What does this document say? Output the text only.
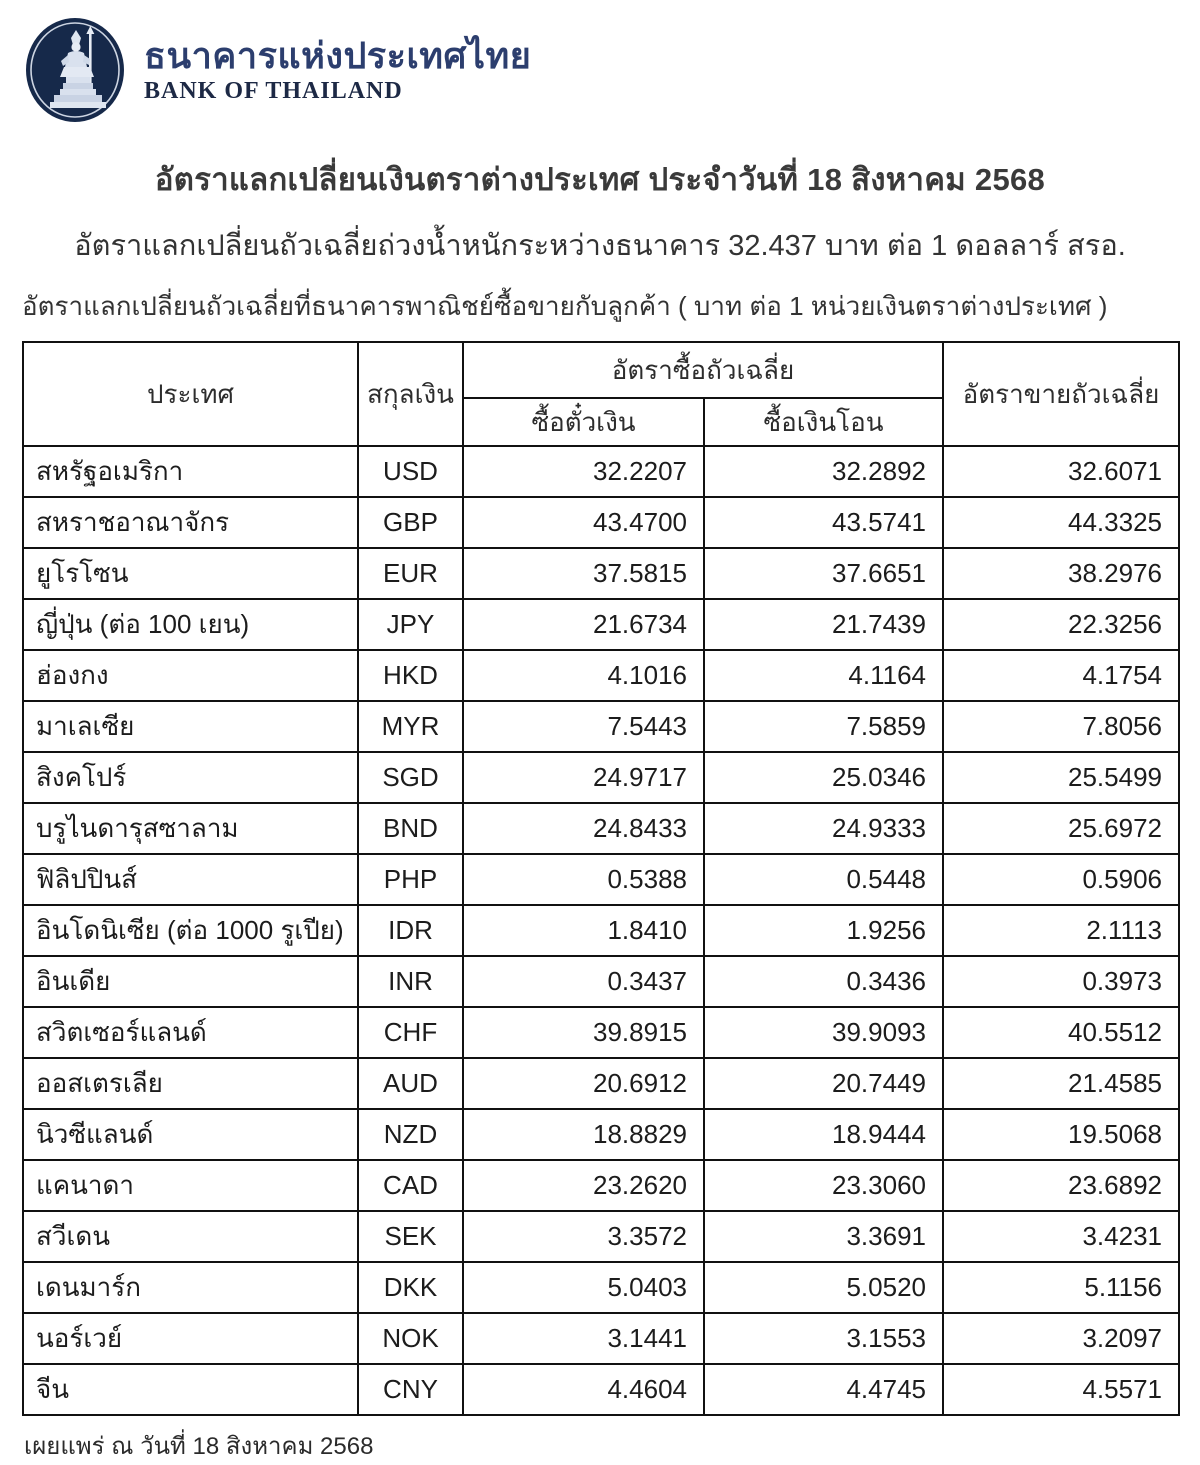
ธนาคารแห่งประเทศไทย
BANK OF THAILAND
อัตราแลกเปลี่ยนเงินตราต่างประเทศ ประจำวันที่ 18 สิงหาคม 2568
อัตราแลกเปลี่ยนถัวเฉลี่ยถ่วงน้ำหนักระหว่างธนาคาร 32.437 บาท ต่อ 1 ดอลลาร์ สรอ.
อัตราแลกเปลี่ยนถัวเฉลี่ยที่ธนาคารพาณิชย์ซื้อขายกับลูกค้า ( บาท ต่อ 1 หน่วยเงินตราต่างประเทศ )
ประเทศ	สกุลเงิน	อัตราซื้อถัวเฉลี่ย		อัตราขายถัวเฉลี่ย
		ซื้อตั๋วเงิน	ซื้อเงินโอน	
สหรัฐอเมริกา	USD	32.2207	32.2892	32.6071
สหราชอาณาจักร	GBP	43.4700	43.5741	44.3325
ยูโรโซน	EUR	37.5815	37.6651	38.2976
ญี่ปุ่น (ต่อ 100 เยน)	JPY	21.6734	21.7439	22.3256
ฮ่องกง	HKD	4.1016	4.1164	4.1754
มาเลเซีย	MYR	7.5443	7.5859	7.8056
สิงคโปร์	SGD	24.9717	25.0346	25.5499
บรูไนดารุสซาลาม	BND	24.8433	24.9333	25.6972
ฟิลิปปินส์	PHP	0.5388	0.5448	0.5906
อินโดนิเซีย (ต่อ 1000 รูเปีย)	IDR	1.8410	1.9256	2.1113
อินเดีย	INR	0.3437	0.3436	0.3973
สวิตเซอร์แลนด์	CHF	39.8915	39.9093	40.5512
ออสเตรเลีย	AUD	20.6912	20.7449	21.4585
นิวซีแลนด์	NZD	18.8829	18.9444	19.5068
แคนาดา	CAD	23.2620	23.3060	23.6892
สวีเดน	SEK	3.3572	3.3691	3.4231
เดนมาร์ก	DKK	5.0403	5.0520	5.1156
นอร์เวย์	NOK	3.1441	3.1553	3.2097
จีน	CNY	4.4604	4.4745	4.5571
เผยแพร่ ณ วันที่ 18 สิงหาคม 2568
